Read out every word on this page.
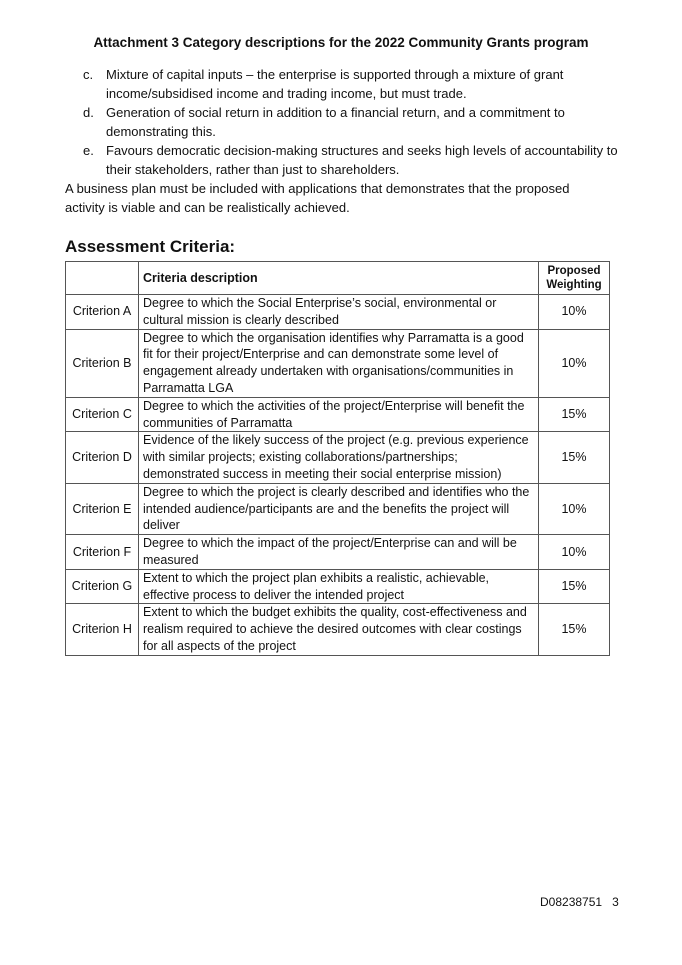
Attachment 3 Category descriptions for the 2022 Community Grants program
c. Mixture of capital inputs – the enterprise is supported through a mixture of grant income/subsidised income and trading income, but must trade.
d. Generation of social return in addition to a financial return, and a commitment to demonstrating this.
e. Favours democratic decision-making structures and seeks high levels of accountability to their stakeholders, rather than just to shareholders.

A business plan must be included with applications that demonstrates that the proposed activity is viable and can be realistically achieved.

Assessment Criteria:
	Criteria description	Proposed Weighting
Criterion A	Degree to which the Social Enterprise’s social, environmental or cultural mission is clearly described	10%
Criterion B	Degree to which the organisation identifies why Parramatta is a good fit for their project/Enterprise and can demonstrate some level of engagement already undertaken with organisations/communities in Parramatta LGA	10%
Criterion C	Degree to which the activities of the project/Enterprise will benefit the communities of Parramatta	15%
Criterion D	Evidence of the likely success of the project (e.g. previous experience with similar projects; existing collaborations/partnerships; demonstrated success in meeting their social enterprise mission)	15%
Criterion E	Degree to which the project is clearly described and identifies who the intended audience/participants are and the benefits the project will deliver	10%
Criterion F	Degree to which the impact of the project/Enterprise can and will be measured	10%
Criterion G	Extent to which the project plan exhibits a realistic, achievable, effective process to deliver the intended project	15%
Criterion H	Extent to which the budget exhibits the quality, cost-effectiveness and realism required to achieve the desired outcomes with clear costings for all aspects of the project	15%
D08238751 3
